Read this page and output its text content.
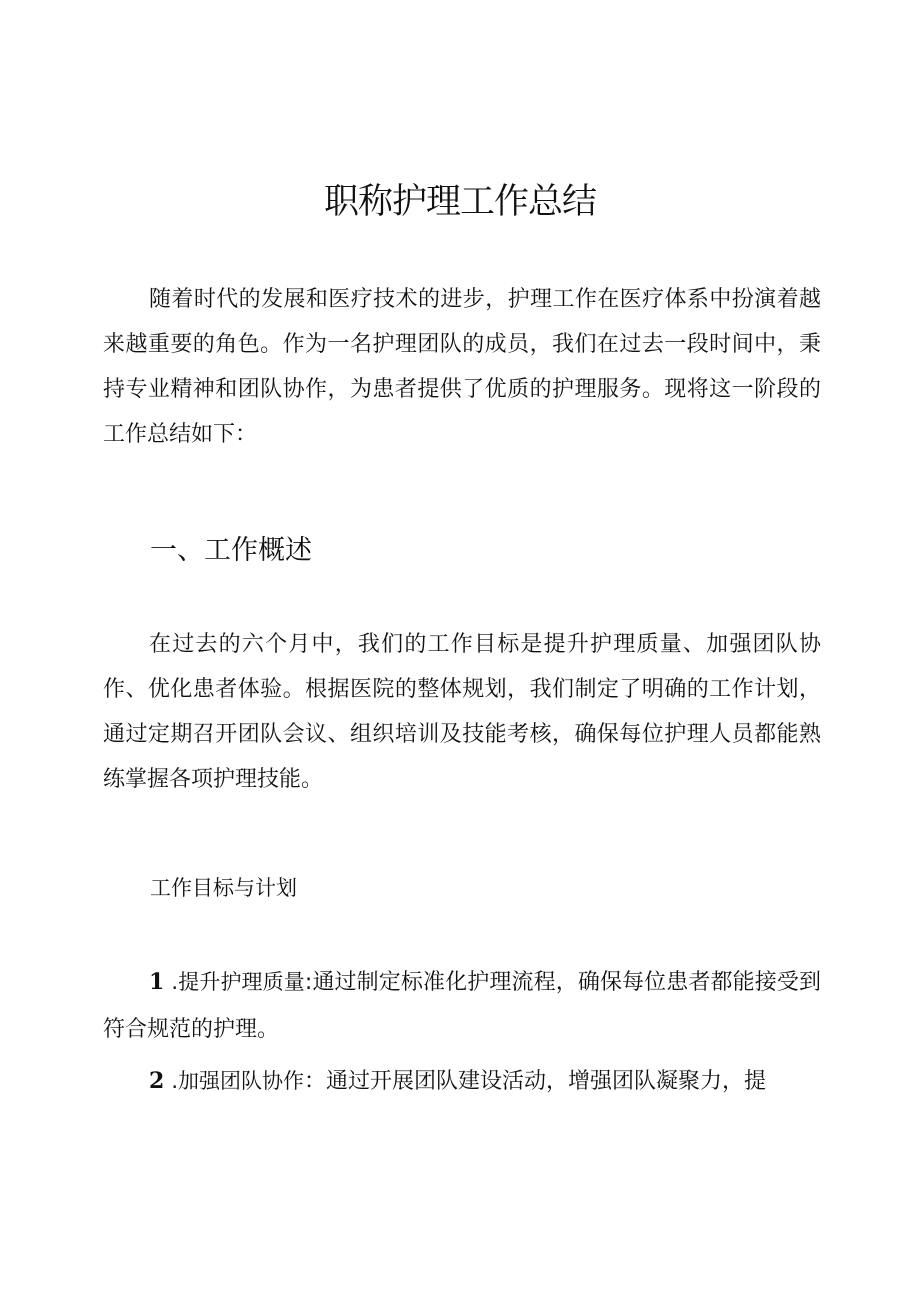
职称护理工作总结

随着时代的发展和医疗技术的进步，护理工作在医疗体系中扮演着越来越重要的角色。作为一名护理团队的成员，我们在过去一段时间中，秉持专业精神和团队协作，为患者提供了优质的护理服务。现将这一阶段的工作总结如下：

一、工作概述

在过去的六个月中，我们的工作目标是提升护理质量、加强团队协作、优化患者体验。根据医院的整体规划，我们制定了明确的工作计划，通过定期召开团队会议、组织培训及技能考核，确保每位护理人员都能熟练掌握各项护理技能。

工作目标与计划

1 .提升护理质量:通过制定标准化护理流程，确保每位患者都能接受到符合规范的护理。

2 .加强团队协作：通过开展团队建设活动，增强团队凝聚力，提
